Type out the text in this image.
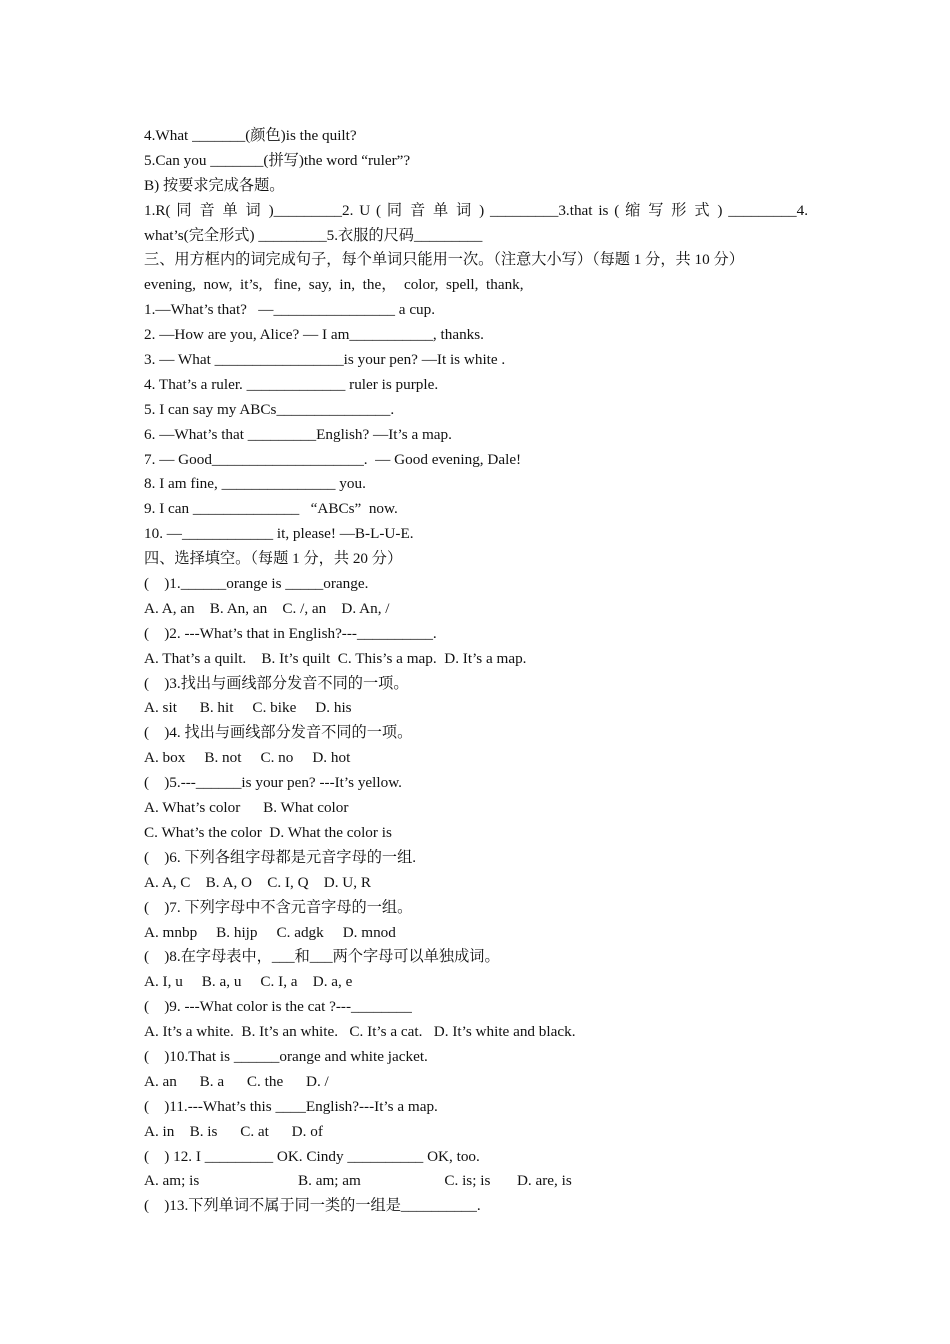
4.What _______(颜色)is the quilt?
5.Can you _______(拼写)the word “ruler”?
B) 按要求完成各题。
1.R( 同 音 单 词 )_________2. U ( 同 音 单 词 ) _________3.that is ( 缩 写 形 式 ) _________4.
what’s(完全形式) _________5.衣服的尺码_________
三、用方框内的词完成句子，每个单词只能用一次。（注意大小写）（每题 1 分，共 10 分）
evening,  now,  it’s,   fine,  say,  in,  the，  color,  spell,  thank,
1.—What’s that?   —________________ a cup.
2. —How are you, Alice? — I am___________, thanks.
3. — What _________________is your pen? —It is white .
4. That’s a ruler. _____________ ruler is purple.
5. I can say my ABCs_______________.
6. —What’s that _________English? —It’s a map.
7. — Good____________________.  — Good evening, Dale!
8. I am fine, _______________ you.
9. I can ______________   “ABCs”  now.
10. —____________ it, please! —B-L-U-E.
四、选择填空。（每题 1 分，共 20 分）
(    )1.______orange is _____orange.
A. A, an    B. An, an    C. /, an    D. An, /
(    )2. ---What’s that in English?---__________.
A. That’s a quilt.    B. It’s quilt  C. This’s a map.  D. It’s a map.
(    )3.找出与画线部分发音不同的一项。
A. sit      B. hit     C. bike     D. his
(    )4. 找出与画线部分发音不同的一项。
A. box     B. not     C. no     D. hot
(    )5.---______is your pen? ---It’s yellow.
A. What’s color      B. What color
C. What’s the color  D. What the color is
(    )6. 下列各组字母都是元音字母的一组.
A. A, C    B. A, O    C. I, Q    D. U, R
(    )7. 下列字母中不含元音字母的一组。
A. mnbp     B. hijp     C. adgk     D. mnod
(    )8.在字母表中，___和___两个字母可以单独成词。
A. I, u     B. a, u     C. I, a    D. a, e
(    )9. ---What color is the cat ?---________
A. It’s a white.  B. It’s an white.   C. It’s a cat.   D. It’s white and black.
(    )10.That is ______orange and white jacket.
A. an      B. a      C. the      D. /
(    )11.---What’s this ____English?---It’s a map.
A. in    B. is      C. at      D. of
(    ) 12. I _________ OK. Cindy __________ OK, too.
A. am; is                          B. am; am                      C. is; is       D. are, is
(    )13.下列单词不属于同一类的一组是__________.
